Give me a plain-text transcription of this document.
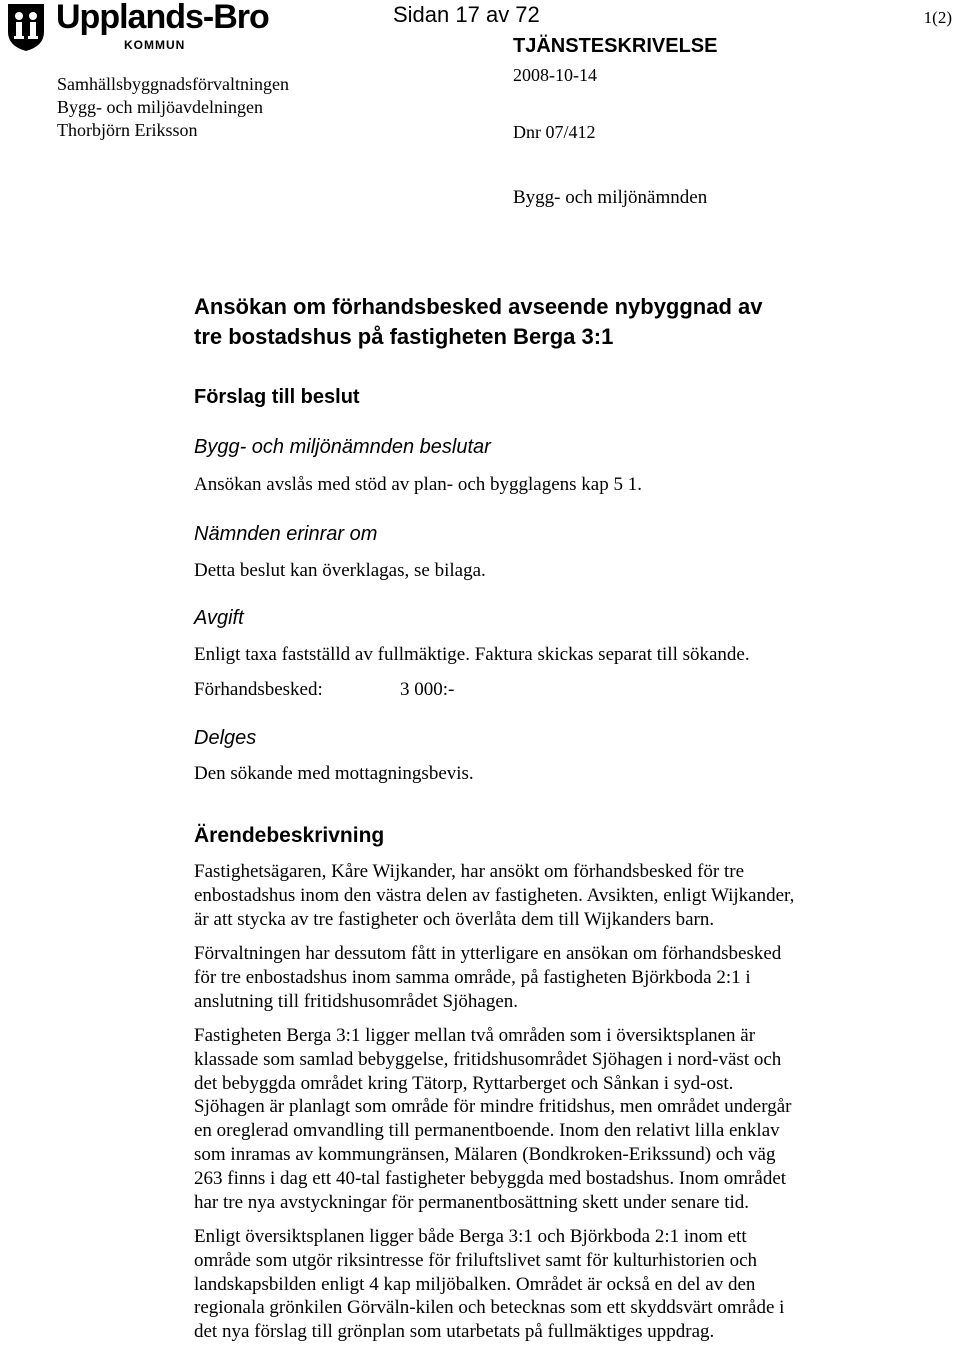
Upplands-Bro
KOMMUN
Sidan 17 av 72	1(2)
TJÄNSTESKRIVELSE
2008-10-14
Dnr 07/412
Bygg- och miljönämnden
Samhällsbyggnadsförvaltningen
Bygg- och miljöavdelningen
Thorbjörn Eriksson
Ansökan om förhandsbesked avseende nybyggnad av
tre bostadshus på fastigheten Berga 3:1
Förslag till beslut
Bygg- och miljönämnden beslutar
Ansökan avslås med stöd av plan- och bygglagens kap 5 1.
Nämnden erinrar om
Detta beslut kan överklagas, se bilaga.
Avgift
Enligt taxa fastställd av fullmäktige. Faktura skickas separat till sökande.
Förhandsbesked:	3 000:-
Delges
Den sökande med mottagningsbevis.
Ärendebeskrivning
Fastighetsägaren, Kåre Wijkander, har ansökt om förhandsbesked för tre
enbostadshus inom den västra delen av fastigheten. Avsikten, enligt Wijkander,
är att stycka av tre fastigheter och överlåta dem till Wijkanders barn.
Förvaltningen har dessutom fått in ytterligare en ansökan om förhandsbesked
för tre enbostadshus inom samma område, på fastigheten Björkboda 2:1 i
anslutning till fritidshusområdet Sjöhagen.
Fastigheten Berga 3:1 ligger mellan två områden som i översiktsplanen är
klassade som samlad bebyggelse, fritidshusområdet Sjöhagen i nord-väst och
det bebyggda området kring Tätorp, Ryttarberget och Sånkan i syd-ost.
Sjöhagen är planlagt som område för mindre fritidshus, men området undergår
en oreglerad omvandling till permanentboende. Inom den relativt lilla enklav
som inramas av kommungränsen, Mälaren (Bondkroken-Erikssund) och väg
263 finns i dag ett 40-tal fastigheter bebyggda med bostadshus. Inom området
har tre nya avstyckningar för permanentbosättning skett under senare tid.
Enligt översiktsplanen ligger både Berga 3:1 och Björkboda 2:1 inom ett
område som utgör riksintresse för friluftslivet samt för kulturhistorien och
landskapsbilden enligt 4 kap miljöbalken. Området är också en del av den
regionala grönkilen Görväln-kilen och betecknas som ett skyddsvärt område i
det nya förslag till grönplan som utarbetats på fullmäktiges uppdrag.
